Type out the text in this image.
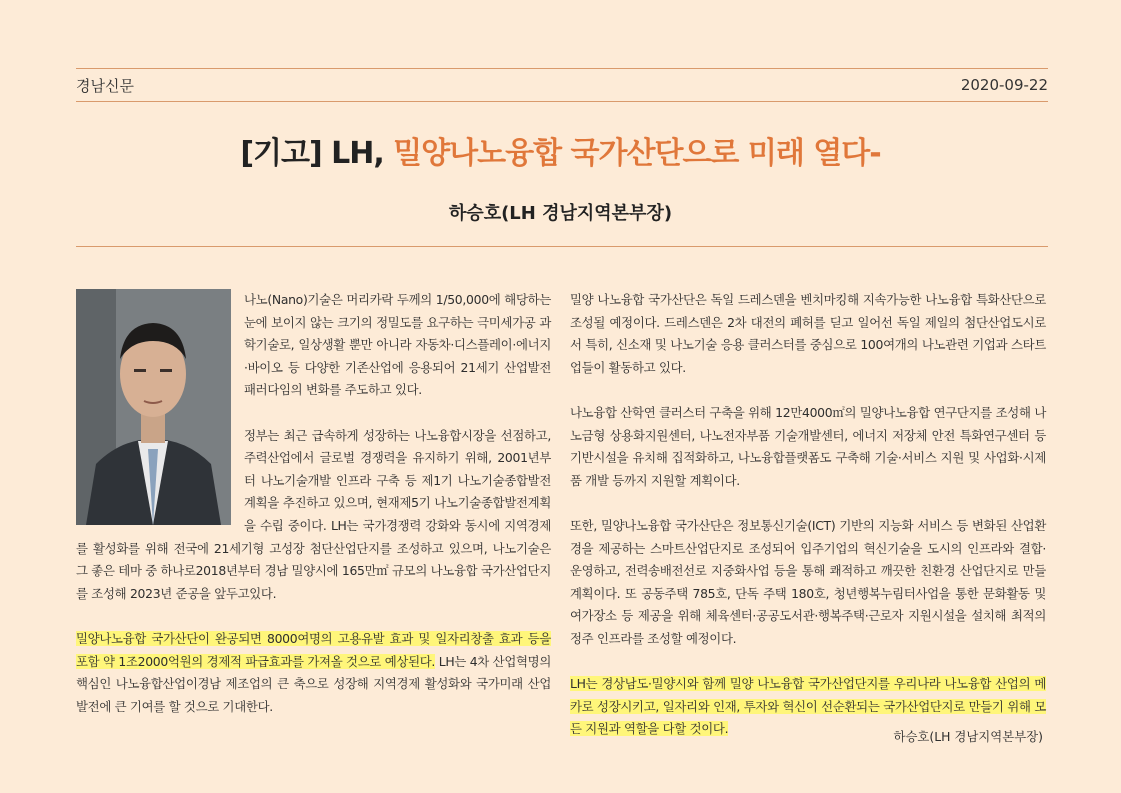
경남신문	2020-09-22
[기고] LH, 밀양나노융합 국가산단으로 미래 열다-
하승호(LH 경남지역본부장)

나노(Nano)기술은 머리카락 두께의 1/50,000에 해당하는 눈에 보이지 않는 크기의 정밀도를 요구하는 극미세가공 과학기술로, 일상생활 뿐만 아니라 자동차·디스플레이·에너지·바이오 등 다양한 기존산업에 응용되어 21세기 산업발전 패러다임의 변화를 주도하고 있다.

정부는 최근 급속하게 성장하는 나노융합시장을 선점하고, 주력산업에서 글로벌 경쟁력을 유지하기 위해, 2001년부터 나노기술개발 인프라 구축 등 제1기 나노기술종합발전계획을 추진하고 있으며, 현재제5기 나노기술종합발전계획을 수립 중이다. LH는 국가경쟁력 강화와 동시에 지역경제를 활성화를 위해 전국에 21세기형 고성장 첨단산업단지를 조성하고 있으며, 나노기술은 그 좋은 테마 중 하나로2018년부터 경남 밀양시에 165만㎡ 규모의 나노융합 국가산업단지를 조성해 2023년 준공을 앞두고있다.

밀양나노융합 국가산단이 완공되면 8000여명의 고용유발 효과 및 일자리창출 효과 등을 포함 약 1조2000억원의 경제적 파급효과를 가져올 것으로 예상된다. LH는 4차 산업혁명의 핵심인 나노융합산업이경남 제조업의 큰 축으로 성장해 지역경제 활성화와 국가미래 산업발전에 큰 기여를 할 것으로 기대한다.

밀양 나노융합 국가산단은 독일 드레스덴을 벤치마킹해 지속가능한 나노융합 특화산단으로 조성될 예정이다. 드레스덴은 2차 대전의 폐허를 딛고 일어선 독일 제일의 첨단산업도시로서 특히, 신소재 및 나노기술 응용 클러스터를 중심으로 100여개의 나노관련 기업과 스타트업들이 활동하고 있다.

나노융합 산학연 클러스터 구축을 위해 12만4000㎡의 밀양나노융합 연구단지를 조성해 나노금형 상용화지원센터, 나노전자부품 기술개발센터, 에너지 저장체 안전 특화연구센터 등 기반시설을 유치해 집적화하고, 나노융합플랫폼도 구축해 기술·서비스 지원 및 사업화·시제품 개발 등까지 지원할 계획이다.

또한, 밀양나노융합 국가산단은 정보통신기술(ICT) 기반의 지능화 서비스 등 변화된 산업환경을 제공하는 스마트산업단지로 조성되어 입주기업의 혁신기술을 도시의 인프라와 결합·운영하고, 전력송배전선로 지중화사업 등을 통해 쾌적하고 깨끗한 친환경 산업단지로 만들 계획이다. 또 공동주택 785호, 단독 주택 180호, 청년행복누림터사업을 통한 문화활동 및 여가장소 등 제공을 위해 체육센터·공공도서관·행복주택·근로자 지원시설을 설치해 최적의 정주 인프라를 조성할 예정이다.

LH는 경상남도·밀양시와 함께 밀양 나노융합 국가산업단지를 우리나라 나노융합 산업의 메카로 성장시키고, 일자리와 인재, 투자와 혁신이 선순환되는 국가산업단지로 만들기 위해 모든 지원과 역할을 다할 것이다.

하승호(LH 경남지역본부장)
